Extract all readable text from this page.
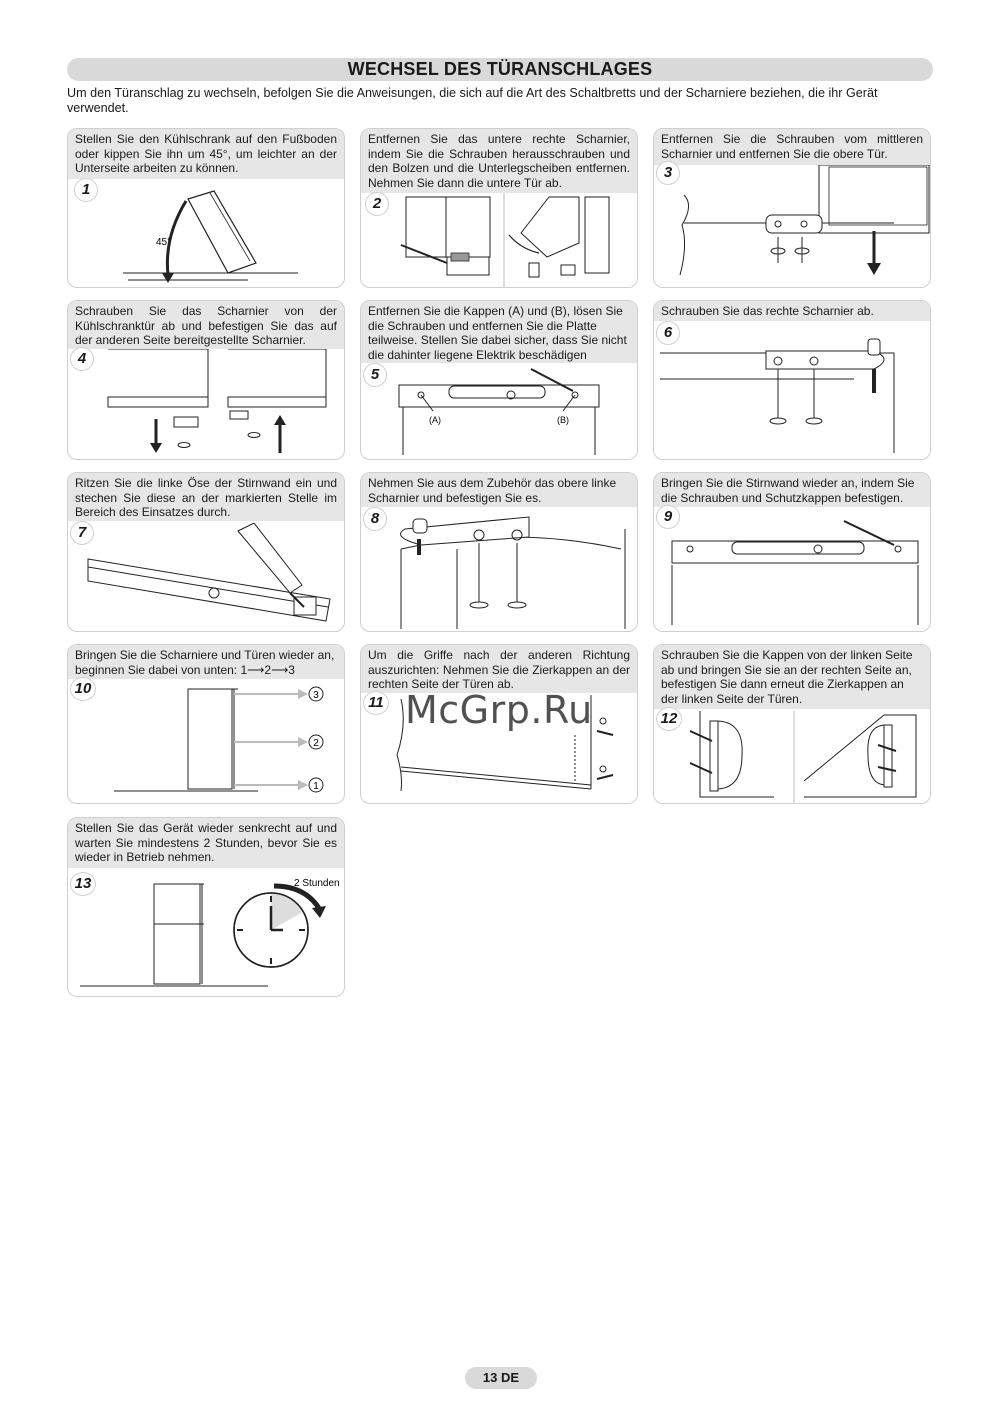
WECHSEL DES TÜRANSCHLAGES
Um den Türanschlag zu wechseln, befolgen Sie die Anweisungen, die sich auf die Art des Schaltbretts und der Scharniere beziehen, die ihr Gerät verwendet.
Stellen Sie den Kühlschrank auf den Fußboden oder kippen Sie ihn um 45°, um leichter an der Unterseite arbeiten zu können.
1
45°
Entfernen Sie das untere rechte Scharnier, indem Sie die Schrauben herausschrauben und den Bolzen und die Unterlegscheiben entfernen. Nehmen Sie dann die untere Tür ab.
2
Entfernen Sie die Schrauben vom mittleren Scharnier und entfernen Sie die obere Tür.
3
Schrauben Sie das Scharnier von der Kühlschranktür ab und befestigen Sie das auf der anderen Seite bereitgestellte Scharnier.
4
Entfernen Sie die Kappen (A) und (B), lösen Sie die Schrauben und entfernen Sie die Platte teilweise. Stellen Sie dabei sicher, dass Sie nicht die dahinter liegene Elektrik beschädigen
5
(A)	(B)
Schrauben Sie das rechte Scharnier ab.
6
Ritzen Sie die linke Öse der Stirnwand ein und stechen Sie diese an der markierten Stelle im Bereich des Einsatzes durch.
7
Nehmen Sie aus dem Zubehör das obere linke Scharnier und befestigen Sie es.
8
Bringen Sie die Stirnwand wieder an, indem Sie die Schrauben und Schutzkappen befestigen.
9
Bringen Sie die Scharniere und Türen wieder an, beginnen Sie dabei von unten: 1⟶2⟶3
10	3
2
1
Um die Griffe nach der anderen Richtung auszurichten: Nehmen Sie die Zierkappen an der rechten Seite der Türen ab.
11
Schrauben Sie die Kappen von der linken Seite ab und bringen Sie sie an der rechten Seite an, befestigen Sie dann erneut die Zierkappen an der linken Seite der Türen.
12
Stellen Sie das Gerät wieder senkrecht auf und warten Sie mindestens 2 Stunden, bevor Sie es wieder in Betrieb nehmen.
13	2 Stunden
McGrp.Ru
13 DE
